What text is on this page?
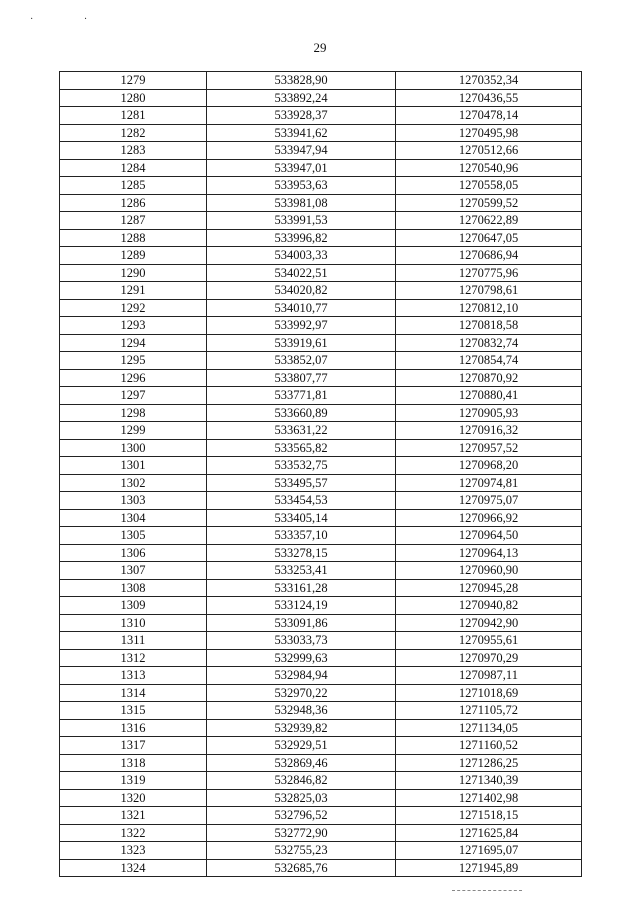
· ·
29
1279	533828,90	1270352,34
1280	533892,24	1270436,55
1281	533928,37	1270478,14
1282	533941,62	1270495,98
1283	533947,94	1270512,66
1284	533947,01	1270540,96
1285	533953,63	1270558,05
1286	533981,08	1270599,52
1287	533991,53	1270622,89
1288	533996,82	1270647,05
1289	534003,33	1270686,94
1290	534022,51	1270775,96
1291	534020,82	1270798,61
1292	534010,77	1270812,10
1293	533992,97	1270818,58
1294	533919,61	1270832,74
1295	533852,07	1270854,74
1296	533807,77	1270870,92
1297	533771,81	1270880,41
1298	533660,89	1270905,93
1299	533631,22	1270916,32
1300	533565,82	1270957,52
1301	533532,75	1270968,20
1302	533495,57	1270974,81
1303	533454,53	1270975,07
1304	533405,14	1270966,92
1305	533357,10	1270964,50
1306	533278,15	1270964,13
1307	533253,41	1270960,90
1308	533161,28	1270945,28
1309	533124,19	1270940,82
1310	533091,86	1270942,90
1311	533033,73	1270955,61
1312	532999,63	1270970,29
1313	532984,94	1270987,11
1314	532970,22	1271018,69
1315	532948,36	1271105,72
1316	532939,82	1271134,05
1317	532929,51	1271160,52
1318	532869,46	1271286,25
1319	532846,82	1271340,39
1320	532825,03	1271402,98
1321	532796,52	1271518,15
1322	532772,90	1271625,84
1323	532755,23	1271695,07
1324	532685,76	1271945,89
